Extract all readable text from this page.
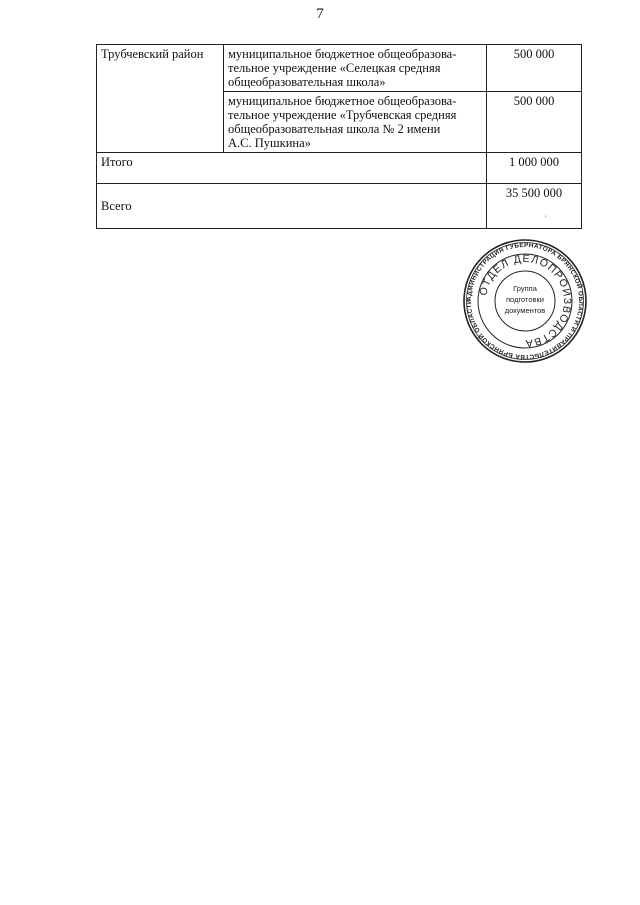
7
Трубчевский район	муниципальное бюджетное общеобразова-
тельное учреждение «Селецкая средняя
общеобразовательная школа»	500 000

	муниципальное бюджетное общеобразова-
тельное учреждение «Трубчевская средняя
общеобразовательная школа № 2 имени
А.С. Пушкина»	500 000
Итого		1 000 000
Всего		35 500 000
'
АДМИНИСТРАЦИЯ ГУБЕРНАТОРА БРЯНСКОЙ ОБЛАСТИ И ПРАВИТЕЛЬСТВА БРЯНСКОЙ ОБЛАСТИ
ОТДЕЛ ДЕЛОПРОИЗВОДСТВА
Группа
подготовки
документов
